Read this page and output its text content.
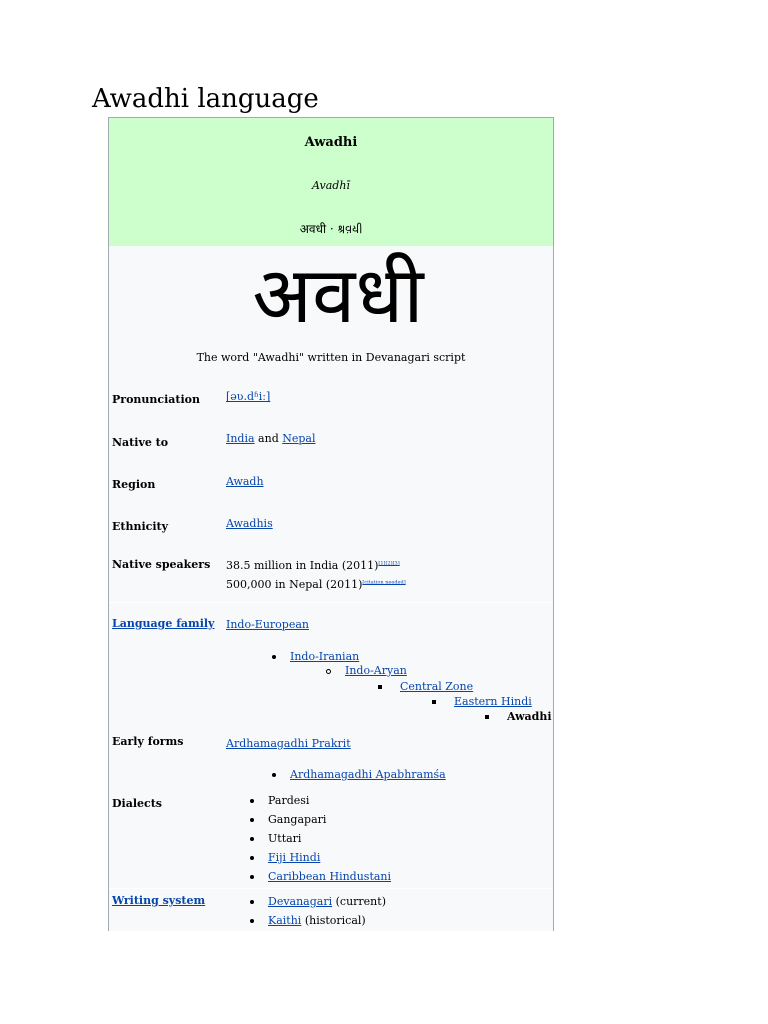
Awadhi language
Awadhi
Avadhī
अवधी · 𑂃𑂫𑂡𑂲
अवधी
The word "Awadhi" written in Devanagari script
Pronunciation [əʋ.dʱiː]
Native to	India and Nepal
Region	Awadh
Ethnicity	Awadhis
Native speakers 38.5 million in India (2011)[1][2][3]
500,000 in Nepal (2011)[citation needed]
Language family Indo-European
Indo-Iranian
Indo-Aryan
Central Zone
Eastern Hindi
Awadhi
Early forms	Ardhamagadhi Prakrit
Ardhamagadhi Apabhramśa
Dialects	Pardesi
Gangapari
Uttari
Fiji Hindi
Caribbean Hindustani
Writing system	Devanagari (current)
Kaithi (historical)
